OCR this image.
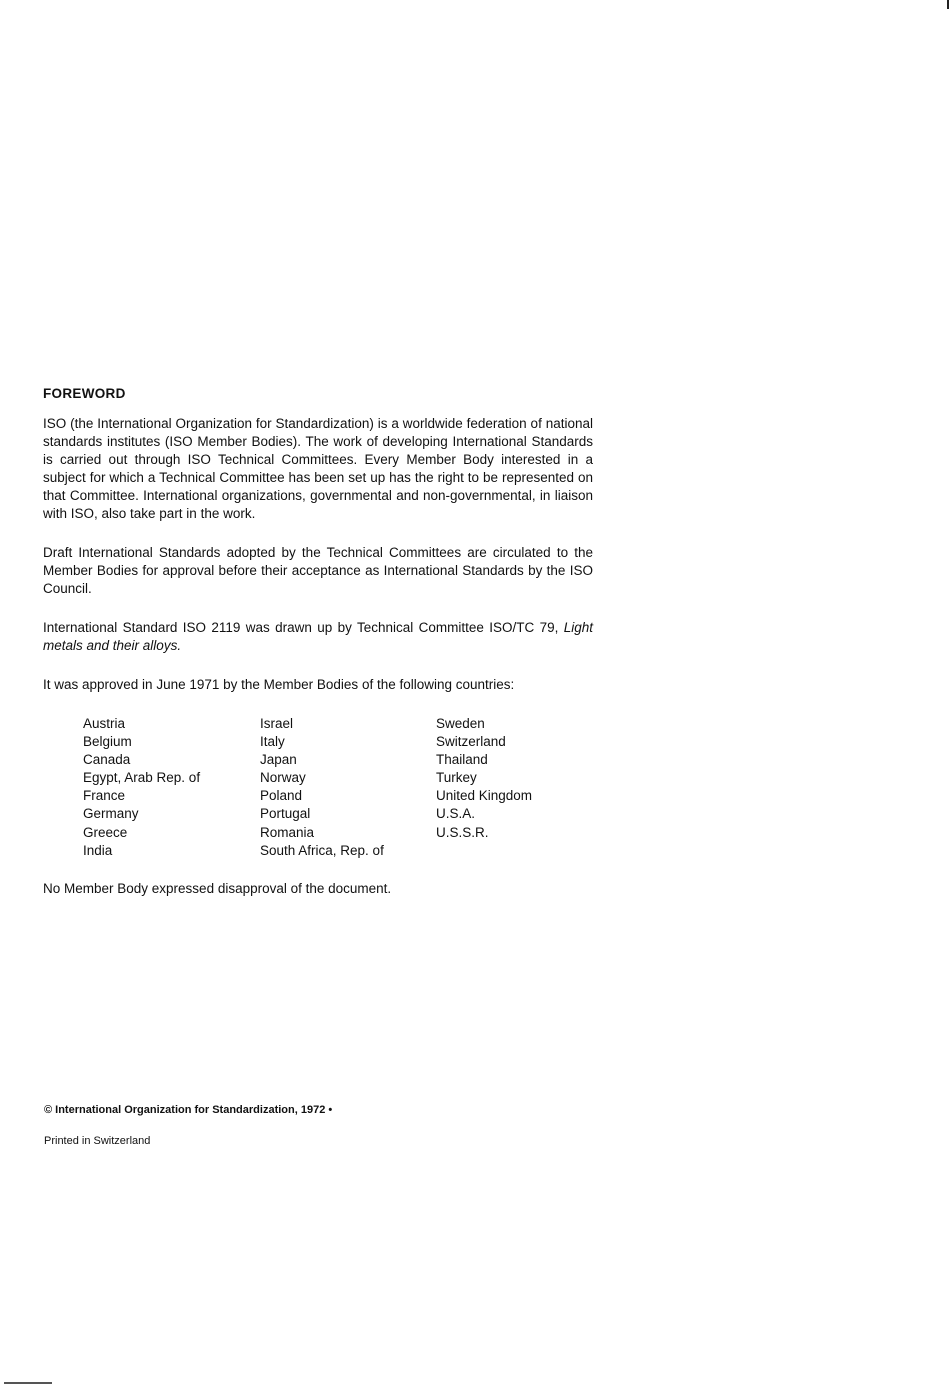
FOREWORD

ISO (the International Organization for Standardization) is a worldwide federation of national standards institutes (ISO Member Bodies). The work of developing International Standards is carried out through ISO Technical Committees. Every Member Body interested in a subject for which a Technical Committee has been set up has the right to be represented on that Committee. International organizations, governmental and non-governmental, in liaison with ISO, also take part in the work.

Draft International Standards adopted by the Technical Committees are circulated to the Member Bodies for approval before their acceptance as International Standards by the ISO Council.

International Standard ISO 2119 was drawn up by Technical Committee ISO/TC 79, Light metals and their alloys.

It was approved in June 1971 by the Member Bodies of the following countries:

Austria
Belgium
Canada
Egypt, Arab Rep. of
France
Germany
Greece
India
Israel
Italy
Japan
Norway
Poland
Portugal
Romania
South Africa, Rep. of
Sweden
Switzerland
Thailand
Turkey
United Kingdom
U.S.A.
U.S.S.R.

No Member Body expressed disapproval of the document.

© International Organization for Standardization, 1972 •
Printed in Switzerland
